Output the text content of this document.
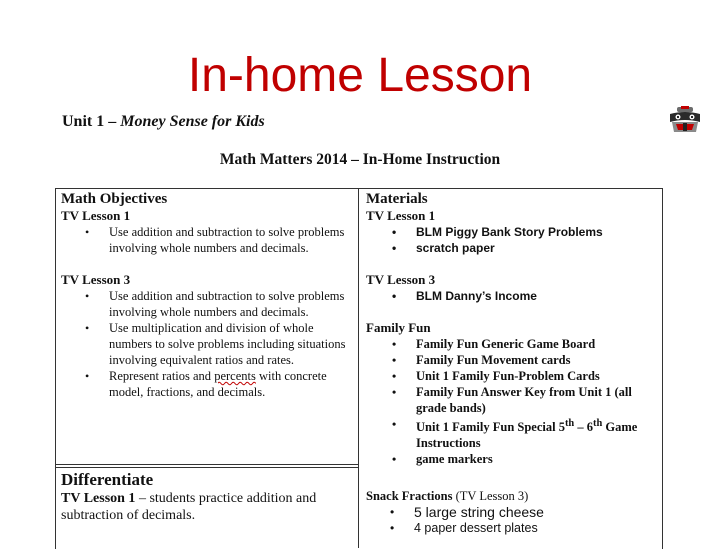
In-home Lesson
Unit 1 – Money Sense for Kids
Math Matters 2014 – In-Home Instruction
Math Objectives
TV Lesson 1
• Use addition and subtraction to solve problems involving whole numbers and decimals.
TV Lesson 3
• Use addition and subtraction to solve problems involving whole numbers and decimals.
• Use multiplication and division of whole numbers to solve problems including situations involving equivalent ratios and rates.
• Represent ratios and percents with concrete model, fractions, and decimals.
Materials
TV Lesson 1
• BLM Piggy Bank Story Problems
• scratch paper
TV Lesson 3
• BLM Danny’s Income
Family Fun
• Family Fun Generic Game Board
• Family Fun Movement cards
• Unit 1 Family Fun-Problem Cards
• Family Fun Answer Key from Unit 1 (all grade bands)
• Unit 1 Family Fun Special 5th – 6th Game Instructions
• game markers
Differentiate
TV Lesson 1 – students practice addition and subtraction of decimals.
Snack Fractions (TV Lesson 3)
• 5 large string cheese
• 4 paper dessert plates
